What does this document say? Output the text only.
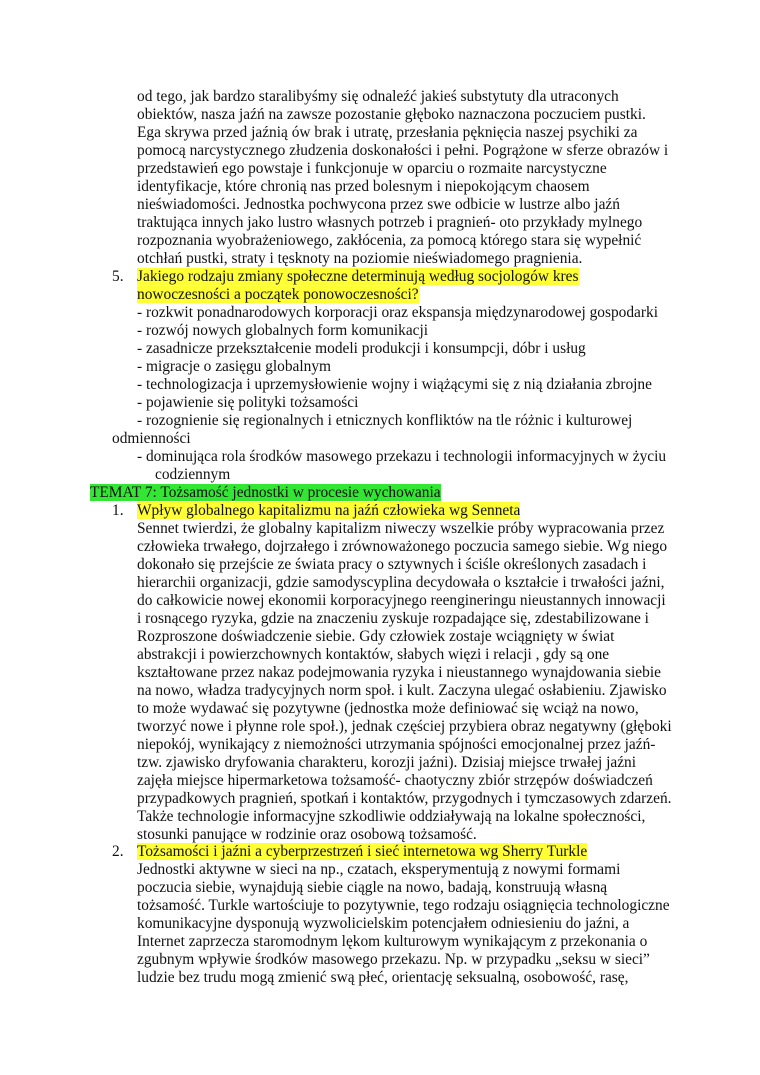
od tego, jak bardzo staralibyśmy się odnaleźć jakieś substytuty dla utraconych
obiektów, nasza jaźń na zawsze pozostanie głęboko naznaczona poczuciem pustki.
Ega skrywa przed jaźnią ów brak i utratę, przesłania pęknięcia naszej psychiki za
pomocą narcystycznego złudzenia doskonałości i pełni. Pogrążone w sferze obrazów i
przedstawień ego powstaje i funkcjonuje w oparciu o rozmaite narcystyczne
identyfikacje, które chronią nas przed bolesnym i niepokojącym chaosem
nieświadomości. Jednostka pochwycona przez swe odbicie w lustrze albo jaźń
traktująca innych jako lustro własnych potrzeb i pragnień- oto przykłady mylnego
rozpoznania wyobrażeniowego, zakłócenia, za pomocą którego stara się wypełnić
otchłań pustki, straty i tęsknoty na poziomie nieświadomego pragnienia.
5. Jakiego rodzaju zmiany społeczne determinują według socjologów kres
nowoczesności a początek ponowoczesności?
- rozkwit ponadnarodowych korporacji oraz ekspansja międzynarodowej gospodarki
- rozwój nowych globalnych form komunikacji
- zasadnicze przekształcenie modeli produkcji i konsumpcji, dóbr i usług
- migracje o zasięgu globalnym
- technologizacja i uprzemysłowienie wojny i wiążącymi się z nią działania zbrojne
- pojawienie się polityki tożsamości
- rozognienie się regionalnych i etnicznych konfliktów na tle różnic i kulturowej
odmienności
- dominująca rola środków masowego przekazu i technologii informacyjnych w życiu
codziennym
TEMAT 7: Tożsamość jednostki w procesie wychowania
1. Wpływ globalnego kapitalizmu na jaźń człowieka wg Senneta
Sennet twierdzi, że globalny kapitalizm niweczy wszelkie próby wypracowania przez
człowieka trwałego, dojrzałego i zrównoważonego poczucia samego siebie. Wg niego
dokonało się przejście ze świata pracy o sztywnych i ściśle określonych zasadach i
hierarchii organizacji, gdzie samodyscyplina decydowała o kształcie i trwałości jaźni,
do całkowicie nowej ekonomii korporacyjnego reengineringu nieustannych innowacji
i rosnącego ryzyka, gdzie na znaczeniu zyskuje rozpadające się, zdestabilizowane i
Rozproszone doświadczenie siebie. Gdy człowiek zostaje wciągnięty w świat
abstrakcji i powierzchownych kontaktów, słabych więzi i relacji , gdy są one
kształtowane przez nakaz podejmowania ryzyka i nieustannego wynajdowania siebie
na nowo, władza tradycyjnych norm społ. i kult. Zaczyna ulegać osłabieniu. Zjawisko
to może wydawać się pozytywne (jednostka może definiować się wciąż na nowo,
tworzyć nowe i płynne role społ.), jednak częściej przybiera obraz negatywny (głęboki
niepokój, wynikający z niemożności utrzymania spójności emocjonalnej przez jaźń-
tzw. zjawisko dryfowania charakteru, korozji jaźni). Dzisiaj miejsce trwałej jaźni
zajęła miejsce hipermarketowa tożsamość- chaotyczny zbiór strzępów doświadczeń
przypadkowych pragnień, spotkań i kontaktów, przygodnych i tymczasowych zdarzeń.
Także technologie informacyjne szkodliwie oddziaływają na lokalne społeczności,
stosunki panujące w rodzinie oraz osobową tożsamość.
2. Tożsamości i jaźni a cyberprzestrzeń i sieć internetowa wg Sherry Turkle
Jednostki aktywne w sieci na np., czatach, eksperymentują z nowymi formami
poczucia siebie, wynajdują siebie ciągle na nowo, badają, konstruują własną
tożsamość. Turkle wartościuje to pozytywnie, tego rodzaju osiągnięcia technologiczne
komunikacyjne dysponują wyzwolicielskim potencjałem odniesieniu do jaźni, a
Internet zaprzecza staromodnym lękom kulturowym wynikającym z przekonania o
zgubnym wpływie środków masowego przekazu. Np. w przypadku „seksu w sieci”
ludzie bez trudu mogą zmienić swą płeć, orientację seksualną, osobowość, rasę,
